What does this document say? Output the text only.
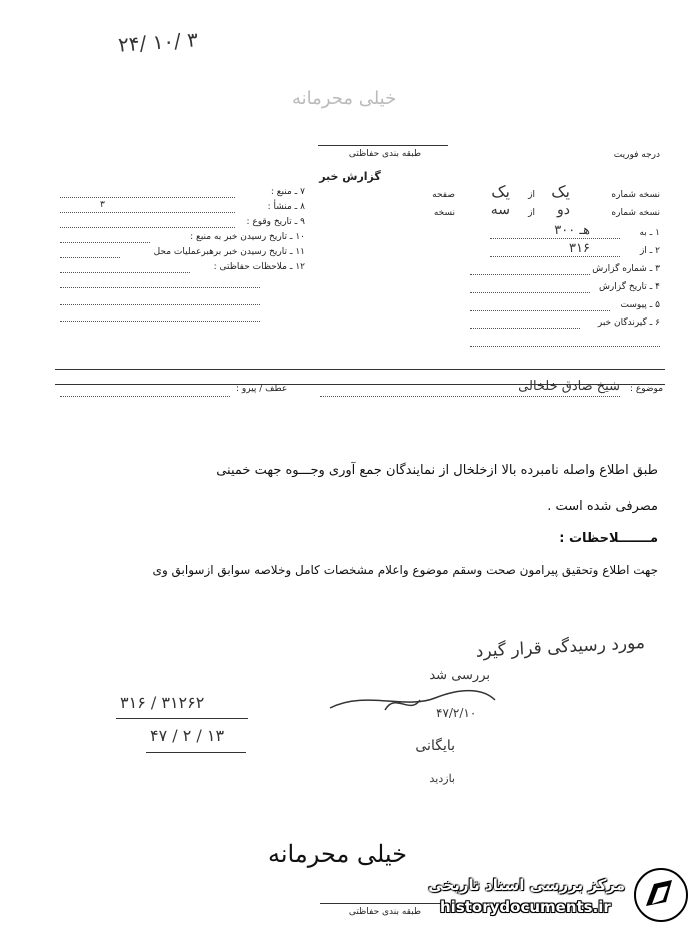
۲۴/ ۱۰/ ۳
خیلی محرمانه
طبقه بندی حفاظتی	درجه فوریت
گزارش خبر
نسخه شماره
یک
از
یک
صفحه
نسخه شماره
دو
از
سه
نسخه
۱ ـ به
۳۰۰ هـ
۲ ـ از
۳۱۶
۳ ـ شماره گزارش
۴ ـ تاریخ گزارش
۵ ـ پیوست
۶ ـ گیرندگان خبر
۷ ـ منبع :
۸ ـ منشأ :
۳
۹ ـ تاریخ وقوع :
۱۰ ـ تاریخ رسیدن خبر به منبع :
۱۱ ـ تاریخ رسیدن خبر برهبرعملیات محل
۱۲ ـ ملاحظات حفاظتی :
موضوع :
شیخ صادق خلخالی
عطف / پیرو :
طبق اطلاع واصله نامبرده بالا ازخلخال از نمایندگان جمع آوری وجـــوه جهت خمینی
مصرفی شده است .
مـــــــلاحظات :
جهت اطلاع وتحقیق پیرامون صحت وسقم موضوع واعلام مشخصات کامل وخلاصه سوابق ازسوابق وی
۳۱۶ / ۳۱۲۶۲
۴۷ / ۲ / ۱۳
مورد رسیدگی قرار گیرد
بررسی شد
۴۷/۲/۱۰
بایگانی
بازدید
خیلی محرمانه
طبقه بندی حفاظتی
مرکز بررسی اسناد تاریخی
historydocuments.ir
